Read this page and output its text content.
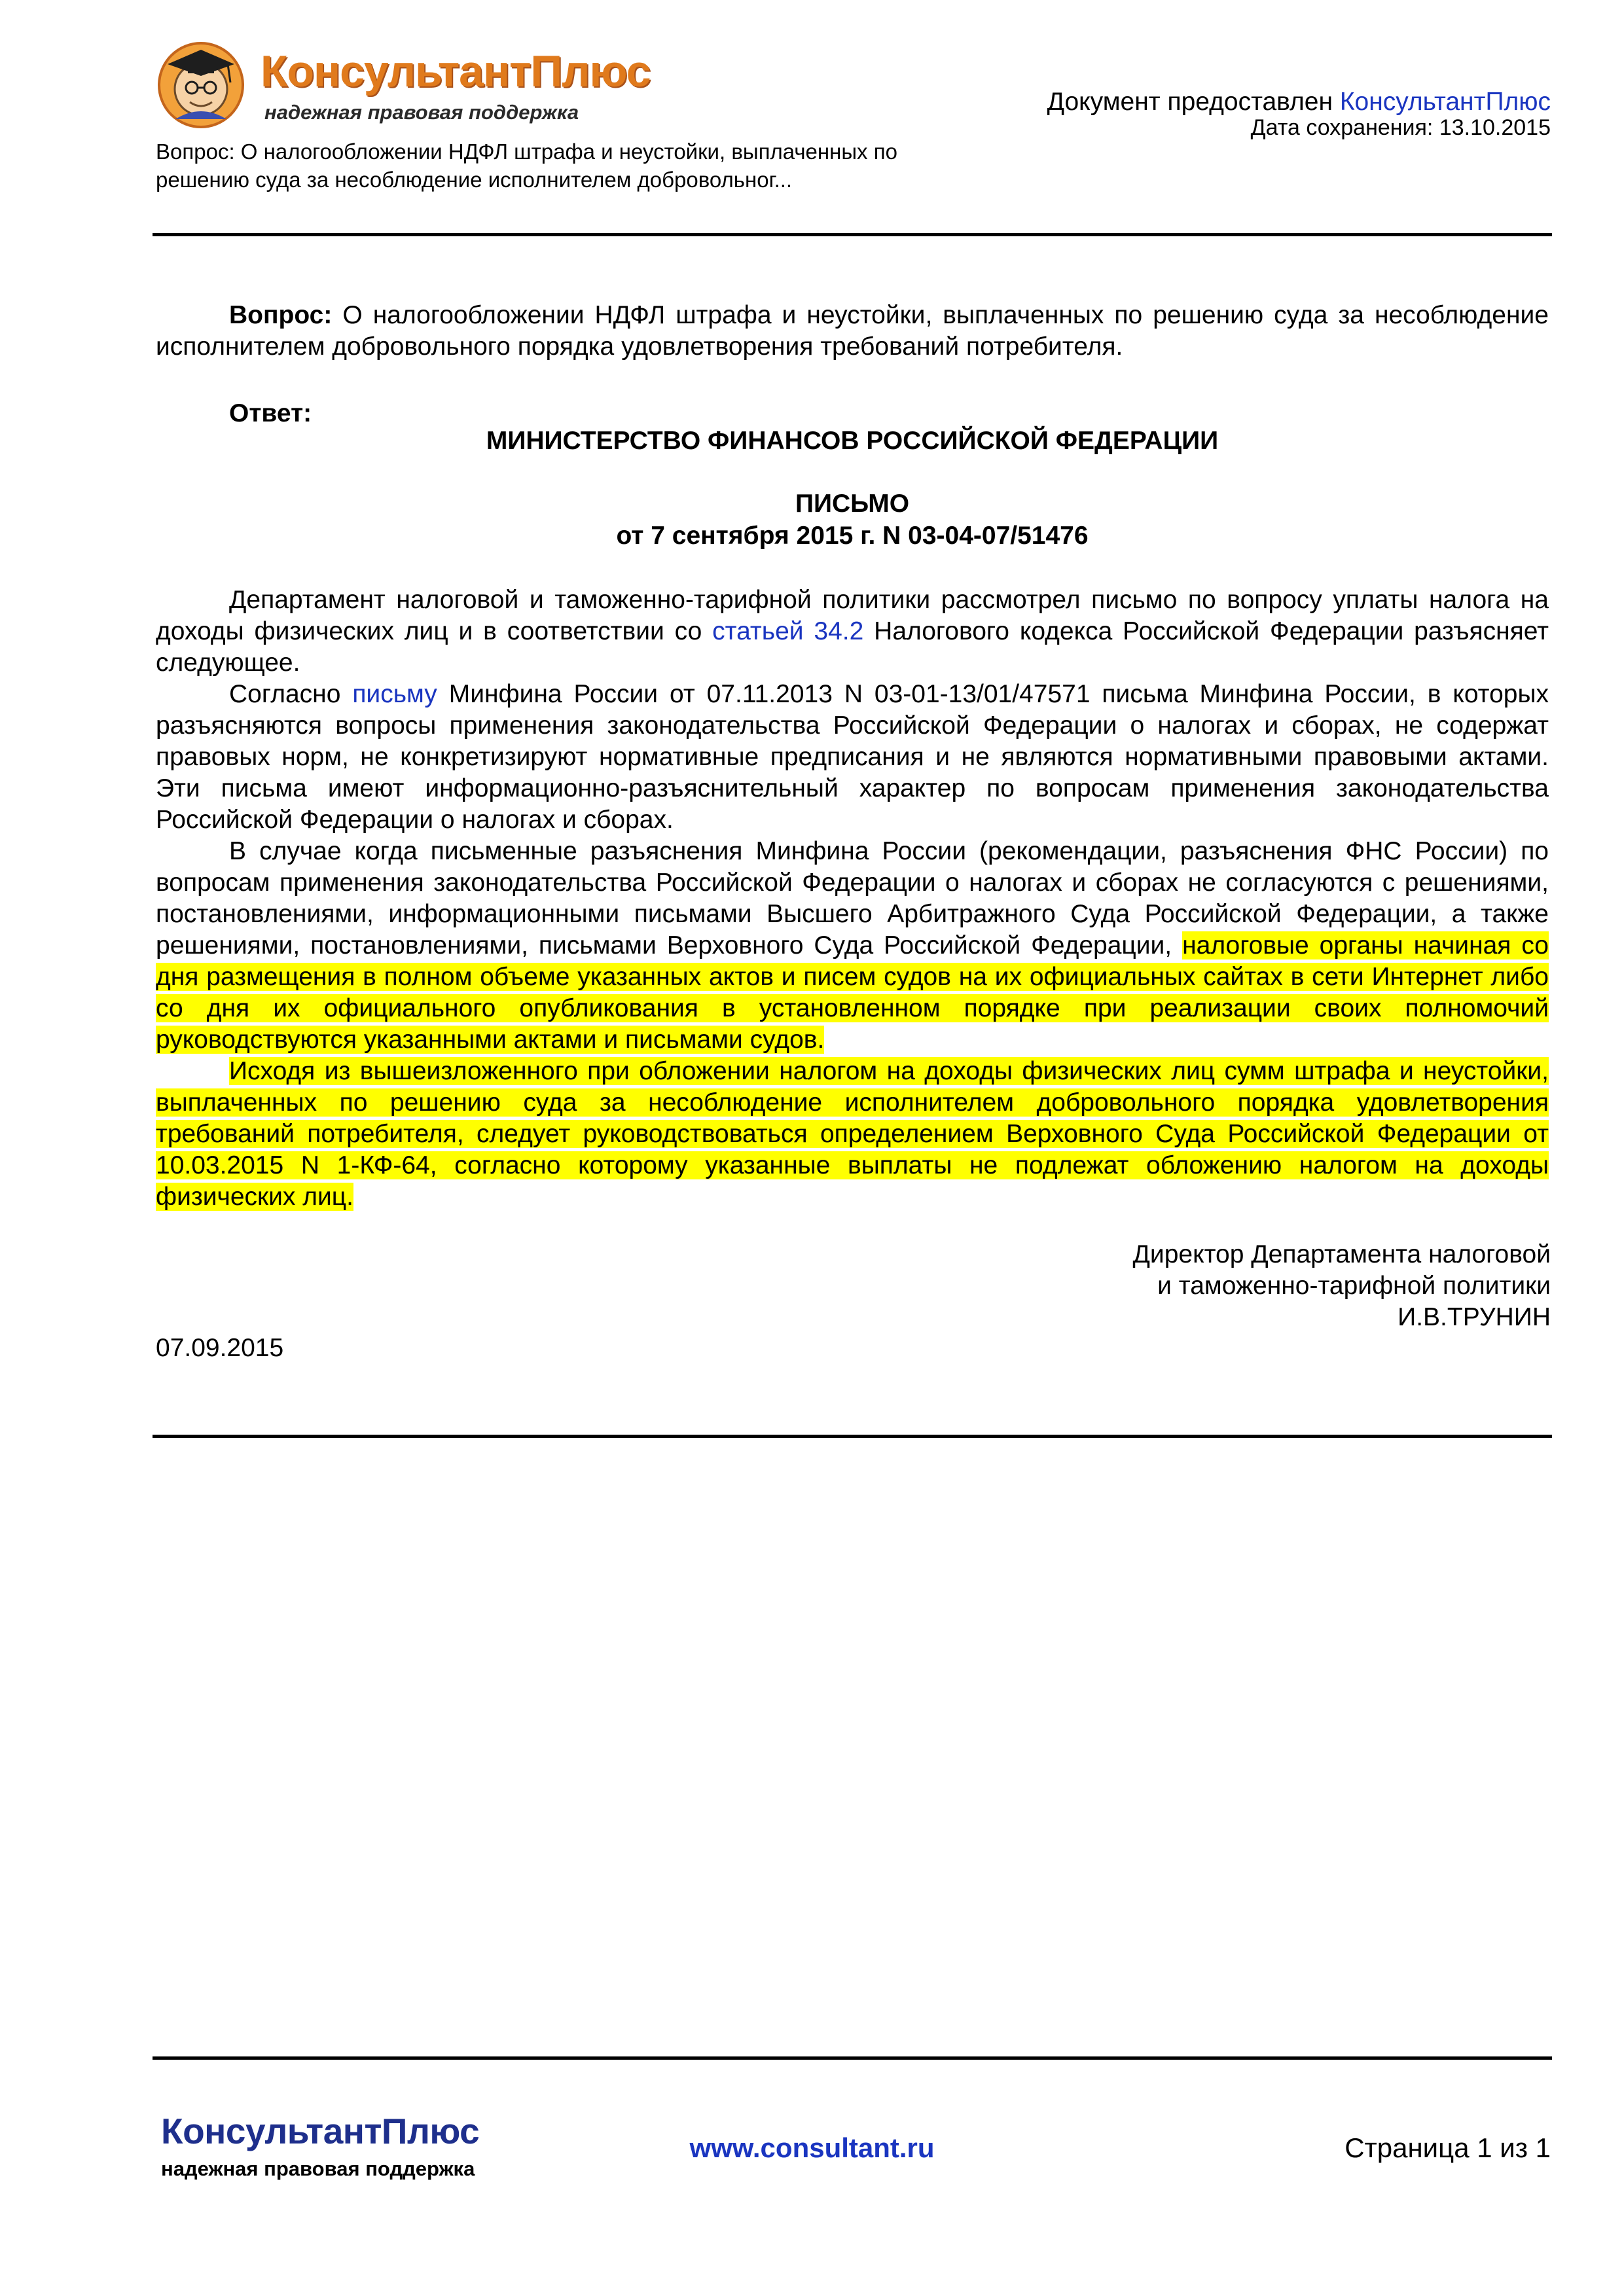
КонсультантПлюс
надежная правовая поддержка	Документ предоставлен КонсультантПлюс
Дата сохранения: 13.10.2015
Вопрос: О налогообложении НДФЛ штрафа и неустойки, выплаченных по решению суда за несоблюдение исполнителем добровольног...
Вопрос: О налогообложении НДФЛ штрафа и неустойки, выплаченных по решению суда за несоблюдение исполнителем добровольного порядка удовлетворения требований потребителя.
Ответ:
МИНИСТЕРСТВО ФИНАНСОВ РОССИЙСКОЙ ФЕДЕРАЦИИ
ПИСЬМО
от 7 сентября 2015 г. N 03-04-07/51476
Департамент налоговой и таможенно-тарифной политики рассмотрел письмо по вопросу уплаты налога на доходы физических лиц и в соответствии со статьей 34.2 Налогового кодекса Российской Федерации разъясняет следующее.
Согласно письму Минфина России от 07.11.2013 N 03-01-13/01/47571 письма Минфина России, в которых разъясняются вопросы применения законодательства Российской Федерации о налогах и сборах, не содержат правовых норм, не конкретизируют нормативные предписания и не являются нормативными правовыми актами. Эти письма имеют информационно-разъяснительный характер по вопросам применения законодательства Российской Федерации о налогах и сборах.
В случае когда письменные разъяснения Минфина России (рекомендации, разъяснения ФНС России) по вопросам применения законодательства Российской Федерации о налогах и сборах не согласуются с решениями, постановлениями, информационными письмами Высшего Арбитражного Суда Российской Федерации, а также решениями, постановлениями, письмами Верховного Суда Российской Федерации, налоговые органы начиная со дня размещения в полном объеме указанных актов и писем судов на их официальных сайтах в сети Интернет либо со дня их официального опубликования в установленном порядке при реализации своих полномочий руководствуются указанными актами и письмами судов.
Исходя из вышеизложенного при обложении налогом на доходы физических лиц сумм штрафа и неустойки, выплаченных по решению суда за несоблюдение исполнителем добровольного порядка удовлетворения требований потребителя, следует руководствоваться определением Верховного Суда Российской Федерации от 10.03.2015 N 1-КФ-64, согласно которому указанные выплаты не подлежат обложению налогом на доходы физических лиц.
Директор Департамента налоговой
и таможенно-тарифной политики
И.В.ТРУНИН
07.09.2015
КонсультантПлюс
надежная правовая поддержка
www.consultant.ru	Страница 1 из 1
